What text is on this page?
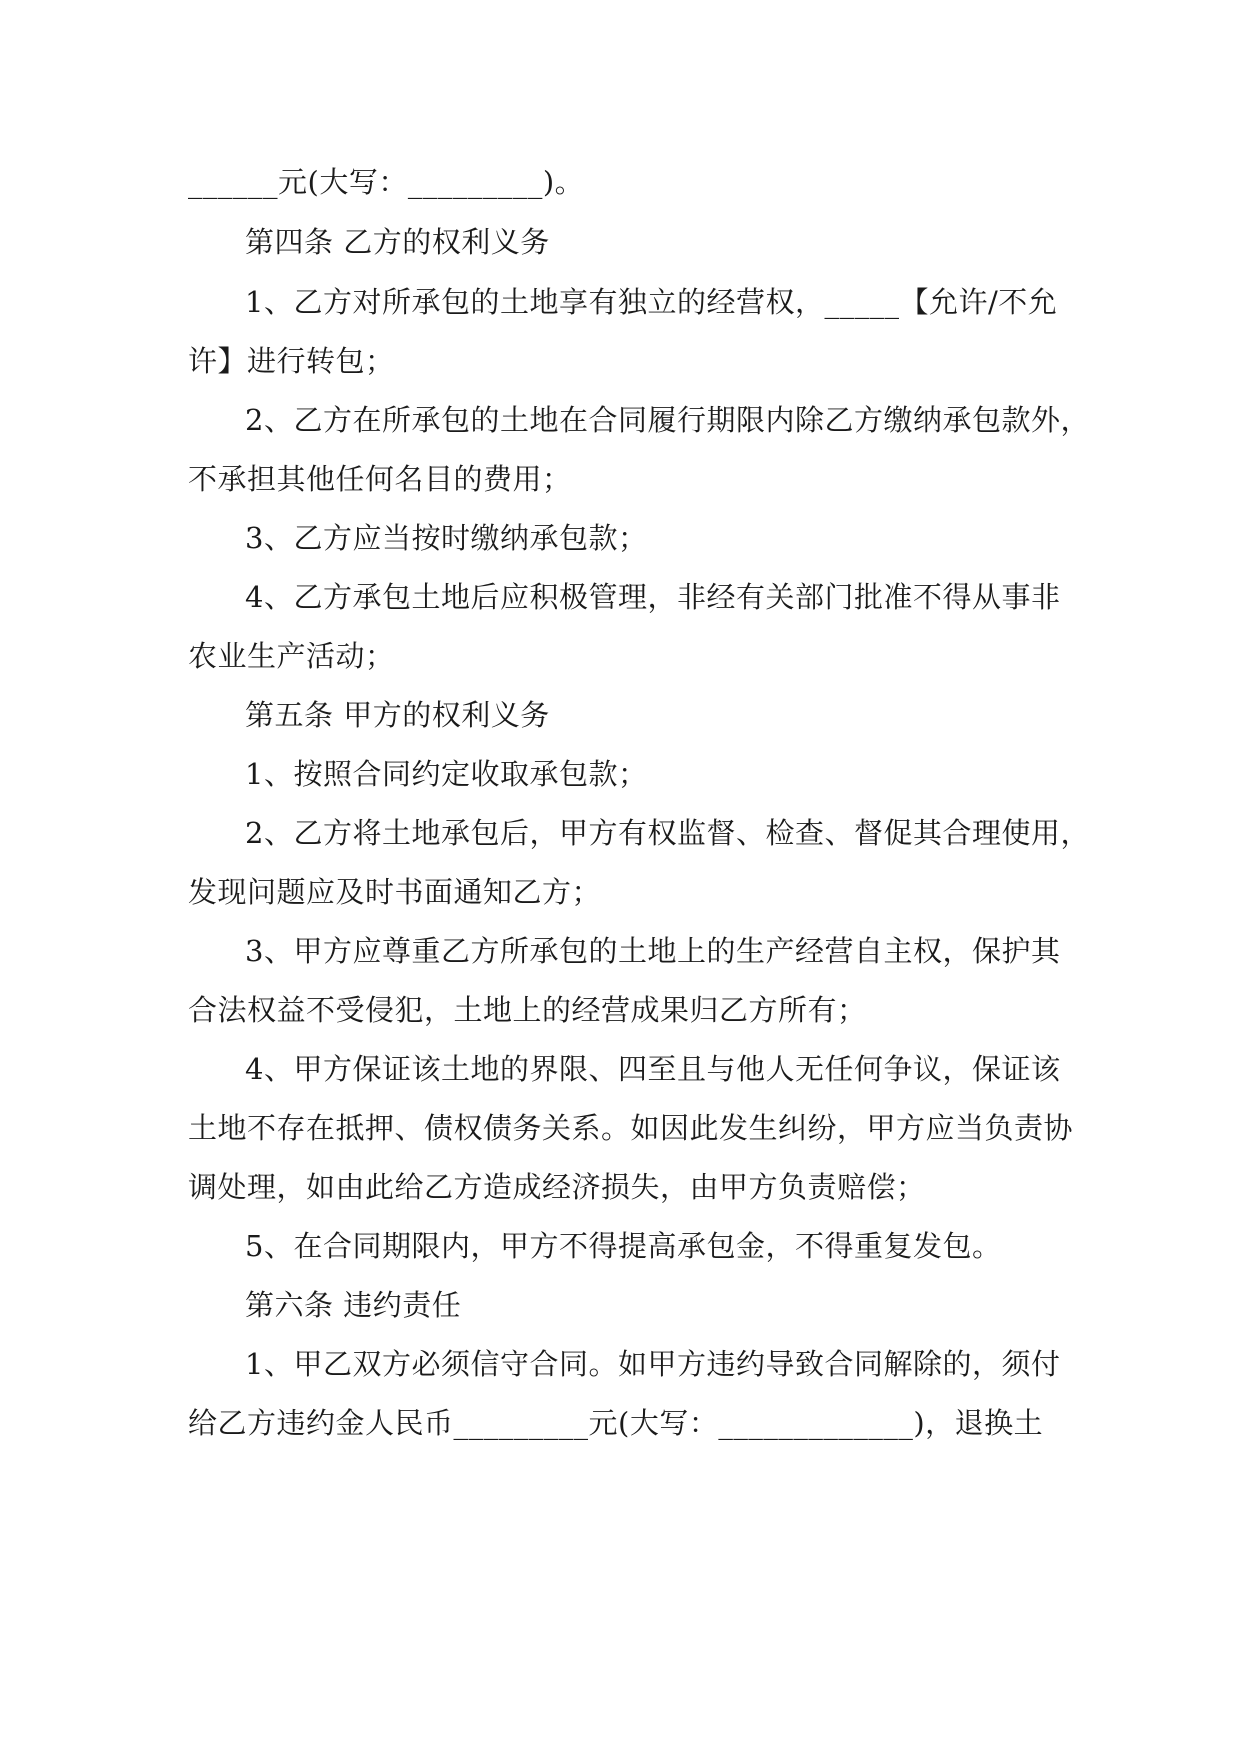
______元(大写：_________)。
第四条 乙方的权利义务
1、乙方对所承包的土地享有独立的经营权，_____【允许/不允
许】进行转包；
2、乙方在所承包的土地在合同履行期限内除乙方缴纳承包款外，
不承担其他任何名目的费用；
3、乙方应当按时缴纳承包款；
4、乙方承包土地后应积极管理，非经有关部门批准不得从事非
农业生产活动；
第五条 甲方的权利义务
1、按照合同约定收取承包款；
2、乙方将土地承包后，甲方有权监督、检查、督促其合理使用，
发现问题应及时书面通知乙方；
3、甲方应尊重乙方所承包的土地上的生产经营自主权，保护其
合法权益不受侵犯，土地上的经营成果归乙方所有；
4、甲方保证该土地的界限、四至且与他人无任何争议，保证该
土地不存在抵押、债权债务关系。如因此发生纠纷，甲方应当负责协
调处理，如由此给乙方造成经济损失，由甲方负责赔偿；
5、在合同期限内，甲方不得提高承包金，不得重复发包。
第六条 违约责任
1、甲乙双方必须信守合同。如甲方违约导致合同解除的，须付
给乙方违约金人民币_________元(大写：_____________)，退换土
